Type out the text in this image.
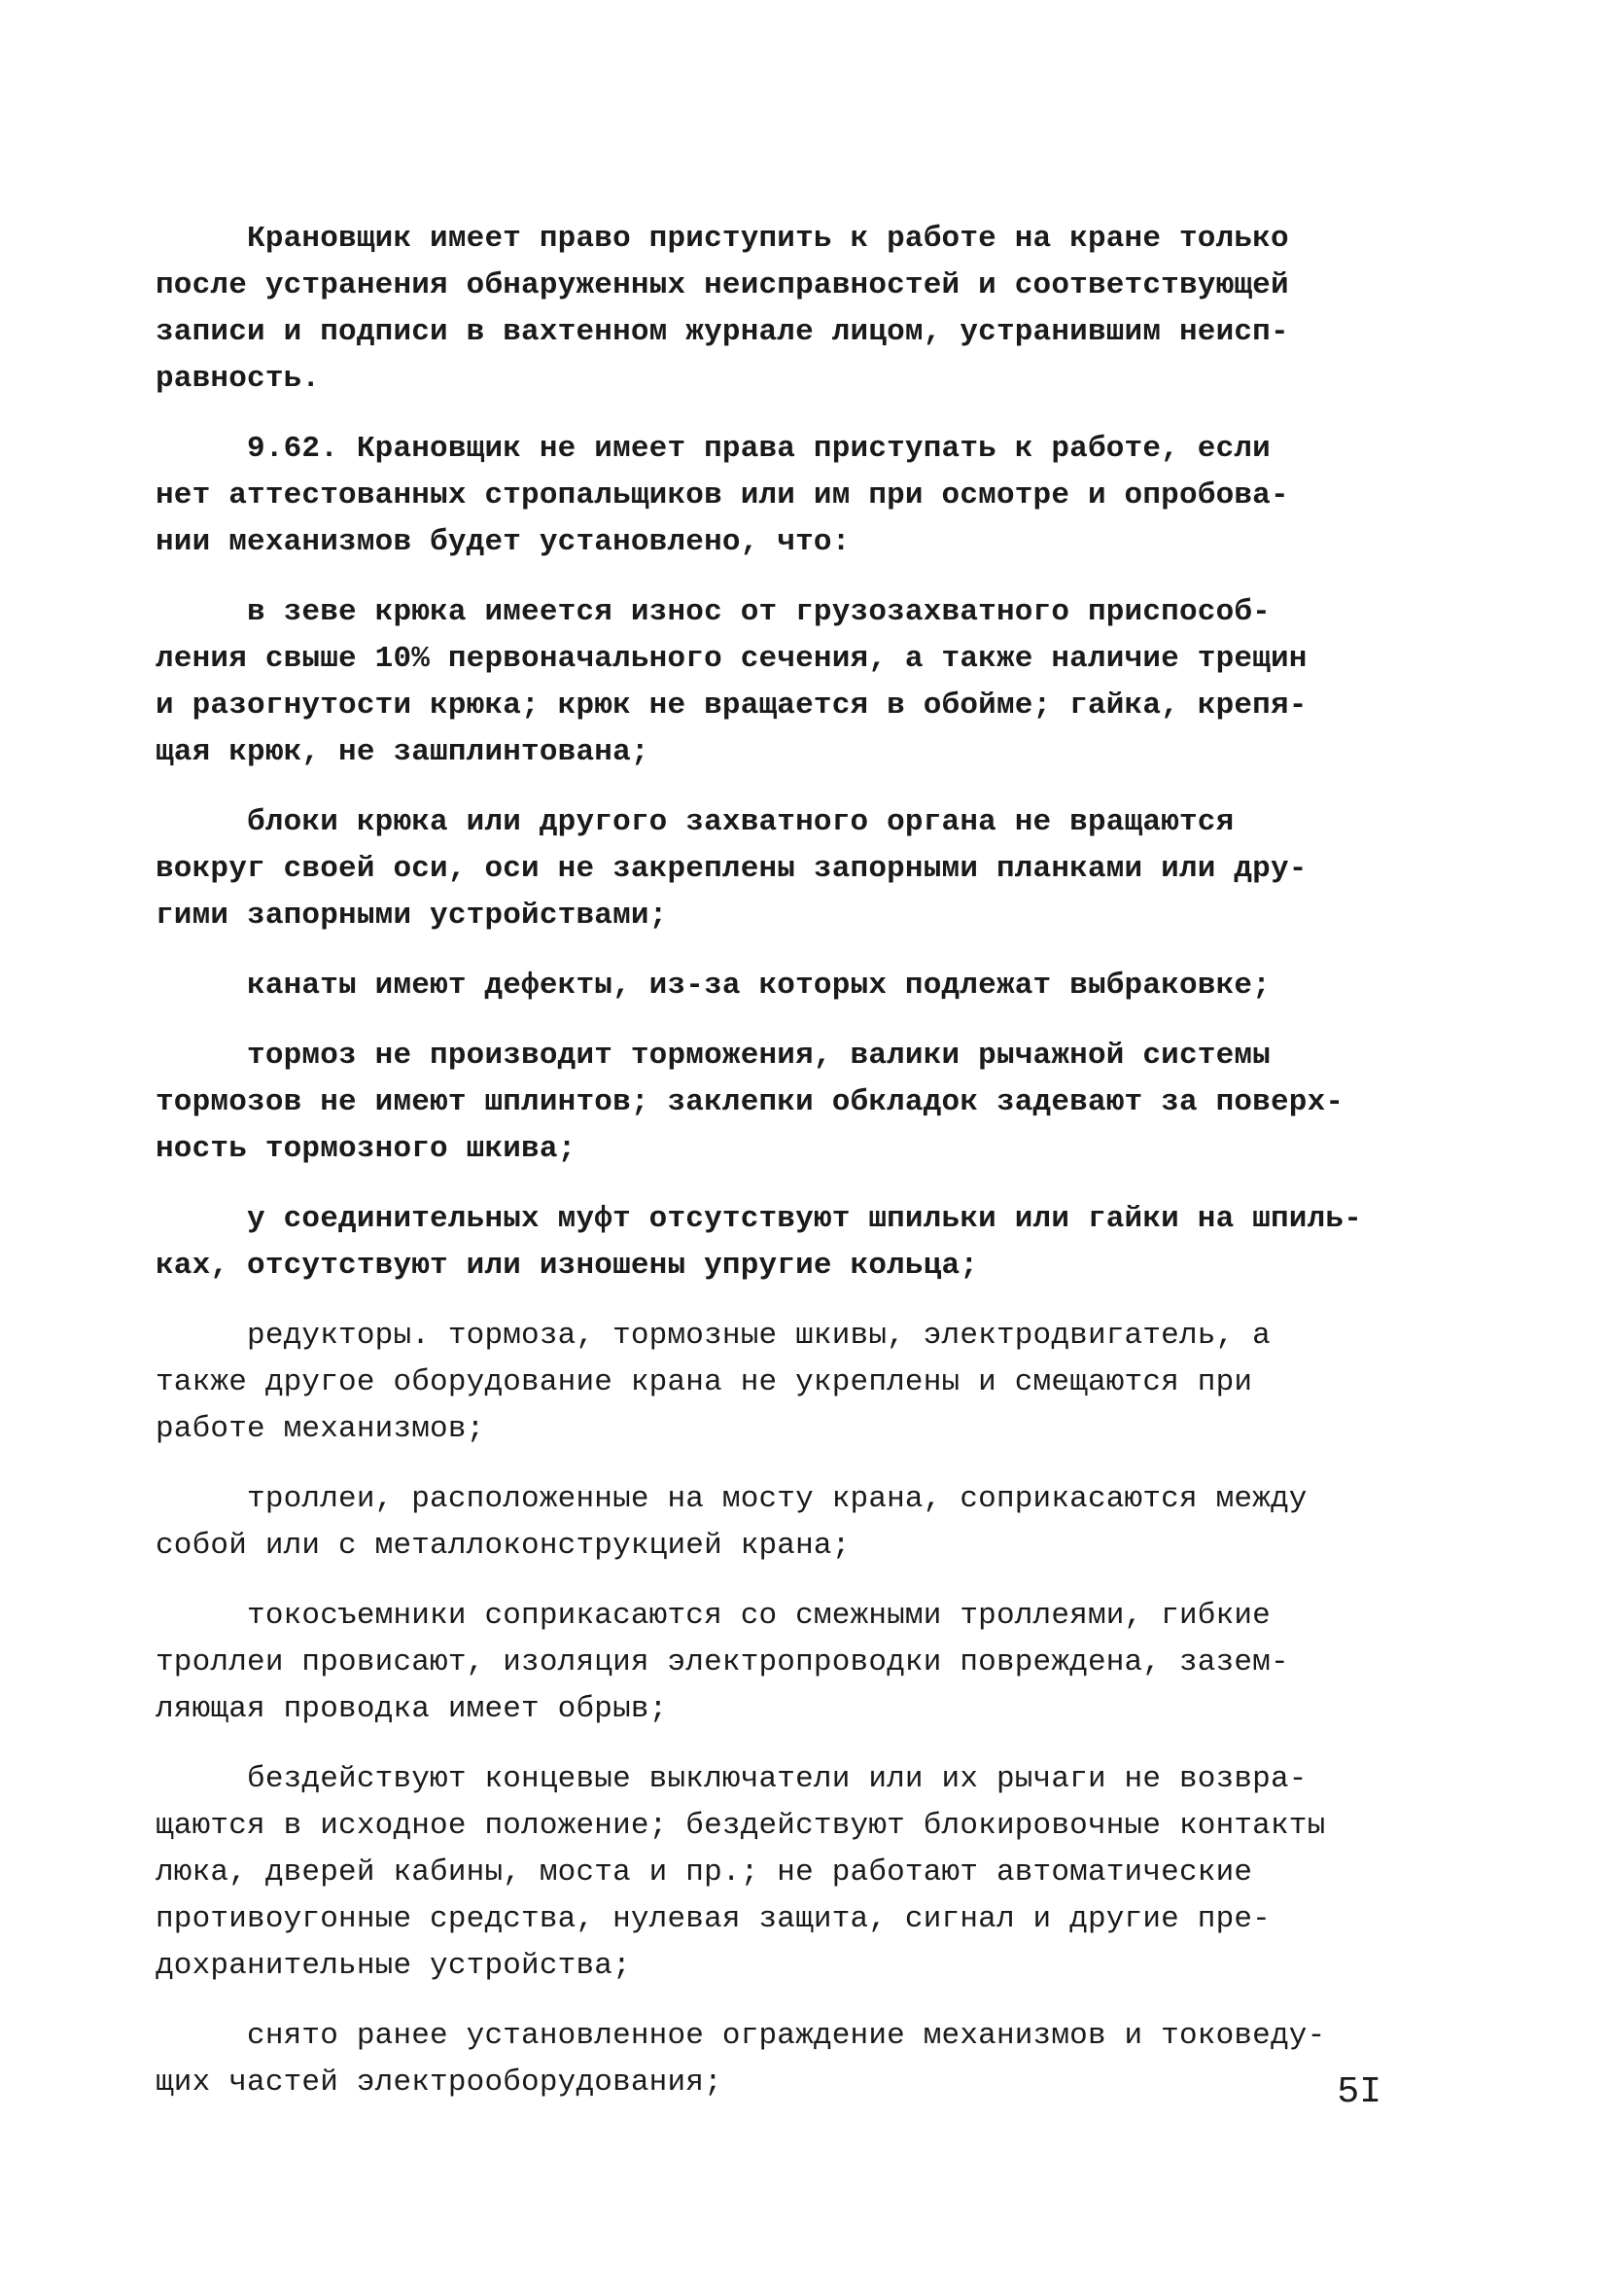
Крановщик имеет право приступить к работе на кране только
после устранения обнаруженных неисправностей и соответствующей
записи и подписи в вахтенном журнале лицом, устранившим неисп-
равность.

9.62. Крановщик не имеет права приступать к работе, если
нет аттестованных стропальщиков или им при осмотре и опробова-
нии механизмов будет установлено, что:

в зеве крюка имеется износ от грузозахватного приспособ-
ления свыше 10% первоначального сечения, а также наличие трещин
и разогнутости крюка; крюк не вращается в обойме; гайка, крепя-
щая крюк, не зашплинтована;

блоки крюка или другого захватного органа не вращаются
вокруг своей оси, оси не закреплены запорными планками или дру-
гими запорными устройствами;

канаты имеют дефекты, из-за которых подлежат выбраковке;

тормоз не производит торможения, валики рычажной системы
тормозов не имеют шплинтов; заклепки обкладок задевают за поверх-
ность тормозного шкива;

у соединительных муфт отсутствуют шпильки или гайки на шпиль-
ках, отсутствуют или изношены упругие кольца;

редукторы. тормоза, тормозные шкивы, электродвигатель, а
также другое оборудование крана не укреплены и смещаются при
работе механизмов;

троллеи, расположенные на мосту крана, соприкасаются между
собой или с металлоконструкцией крана;

токосъемники соприкасаются со смежными троллеями, гибкие
троллеи провисают, изоляция электропроводки повреждена, зазем-
ляющая проводка имеет обрыв;

бездействуют концевые выключатели или их рычаги не возвра-
щаются в исходное положение; бездействуют блокировочные контакты
люка, дверей кабины, моста и пр.; не работают автоматические
противоугонные средства, нулевая защита, сигнал и другие пре-
дохранительные устройства;

снято ранее установленное ограждение механизмов и токоведу-
щих частей электрооборудования;	5I
